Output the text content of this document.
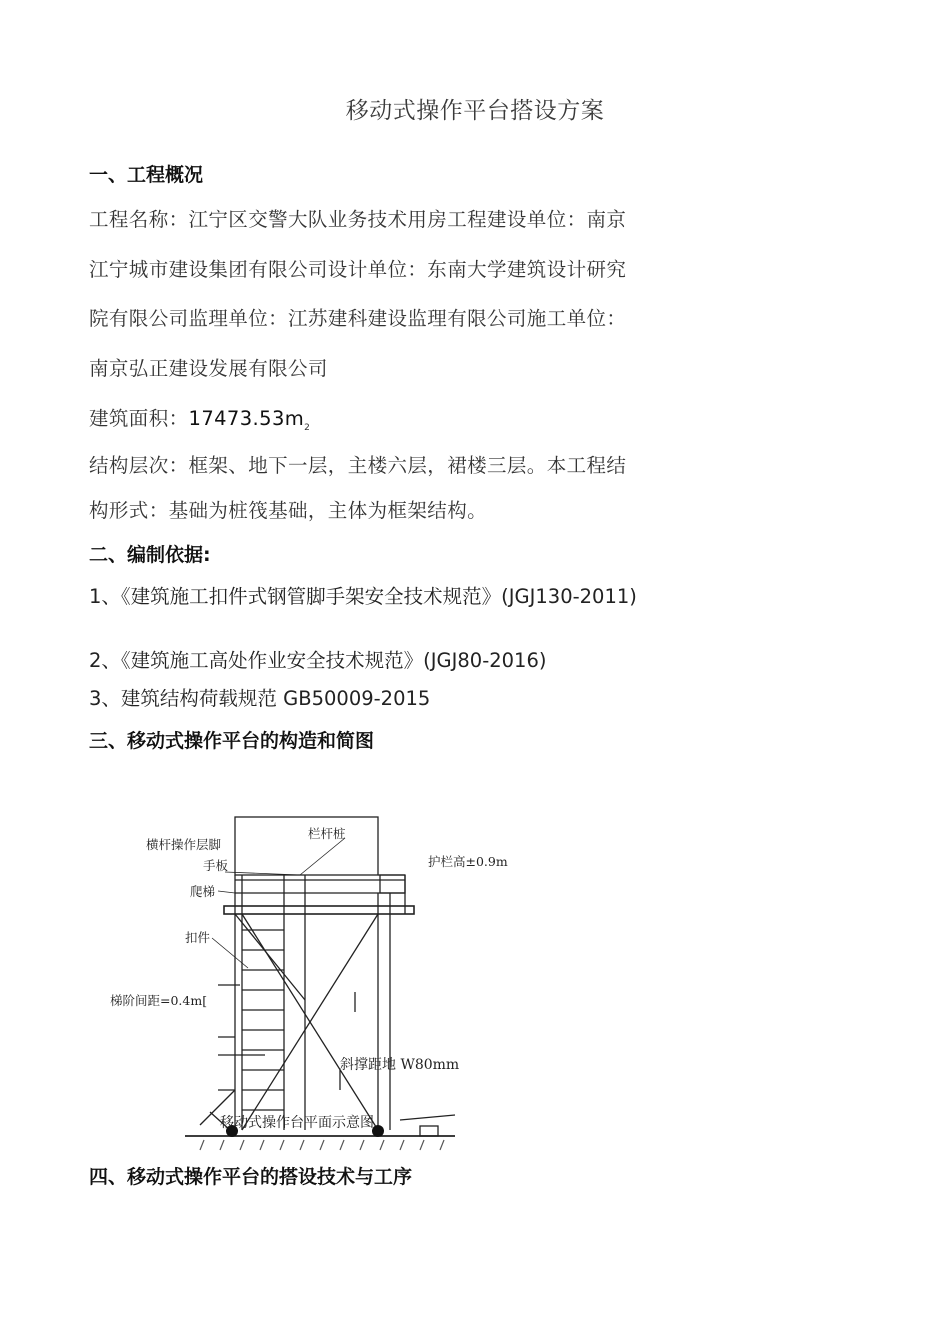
移动式操作平台搭设方案
一、工程概况
工程名称：江宁区交警大队业务技术用房工程建设单位：南京
江宁城市建设集团有限公司设计单位：东南大学建筑设计研究
院有限公司监理单位：江苏建科建设监理有限公司施工单位：
南京弘正建设发展有限公司
建筑面积：$17473.53m_2$
结构层次：框架、地下一层，主楼六层，裙楼三层。本工程结
构形式：基础为桩筏基础，主体为框架结构。
二、编制依据:
1、《建筑施工扣件式钢管脚手架安全技术规范》(JGJ130-2011)
2、《建筑施工高处作业安全技术规范》(JGJ80-2016)
3、建筑结构荷载规范 GB50009-2015
三、移动式操作平台的构造和简图
栏杆桩
横杆操作层脚
手板
爬梯
扣件
梯阶间距=0.4m[
护栏高±0.9m
斜撑距地 W80mm
移动式操作台平面示意图
四、移动式操作平台的搭设技术与工序
